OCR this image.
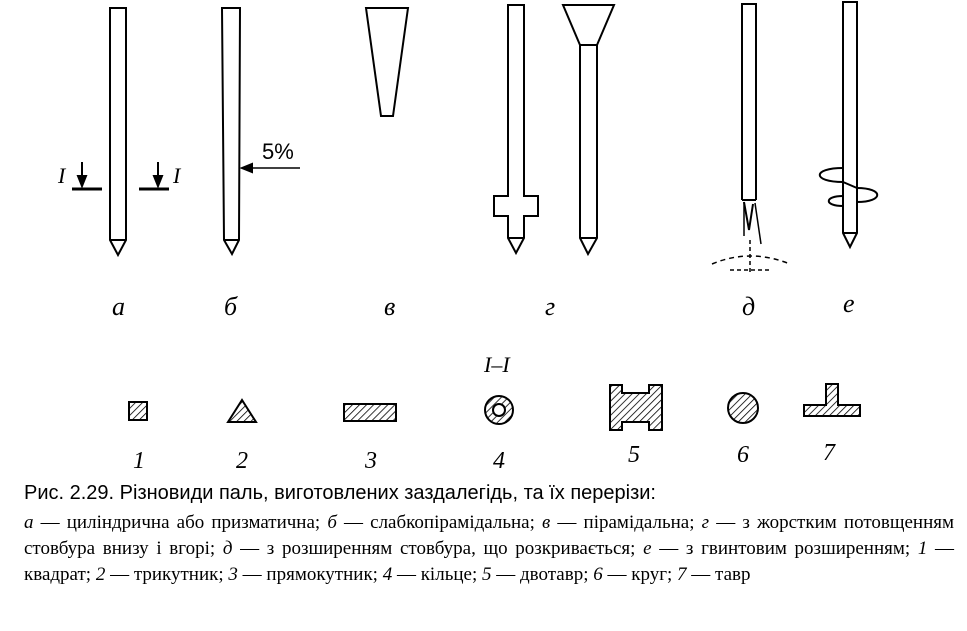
I	I
5%
а	б	в	г	д	е
I–I
1	2	3	4	5	6	7
Рис. 2.29. Різновиди паль, виготовлених заздалегідь, та їх перерізи:
а — циліндрична або призматична; б — слабкопірамідальна; в — пірамідальна; г — з жорстким потовщенням стовбура внизу і вгорі; д — з розширенням стовбура, що розкривається; е — з гвинтовим розширенням; 1 — квадрат; 2 — трикутник; 3 — прямокутник; 4 — кільце; 5 — двотавр; 6 — круг; 7 — тавр
